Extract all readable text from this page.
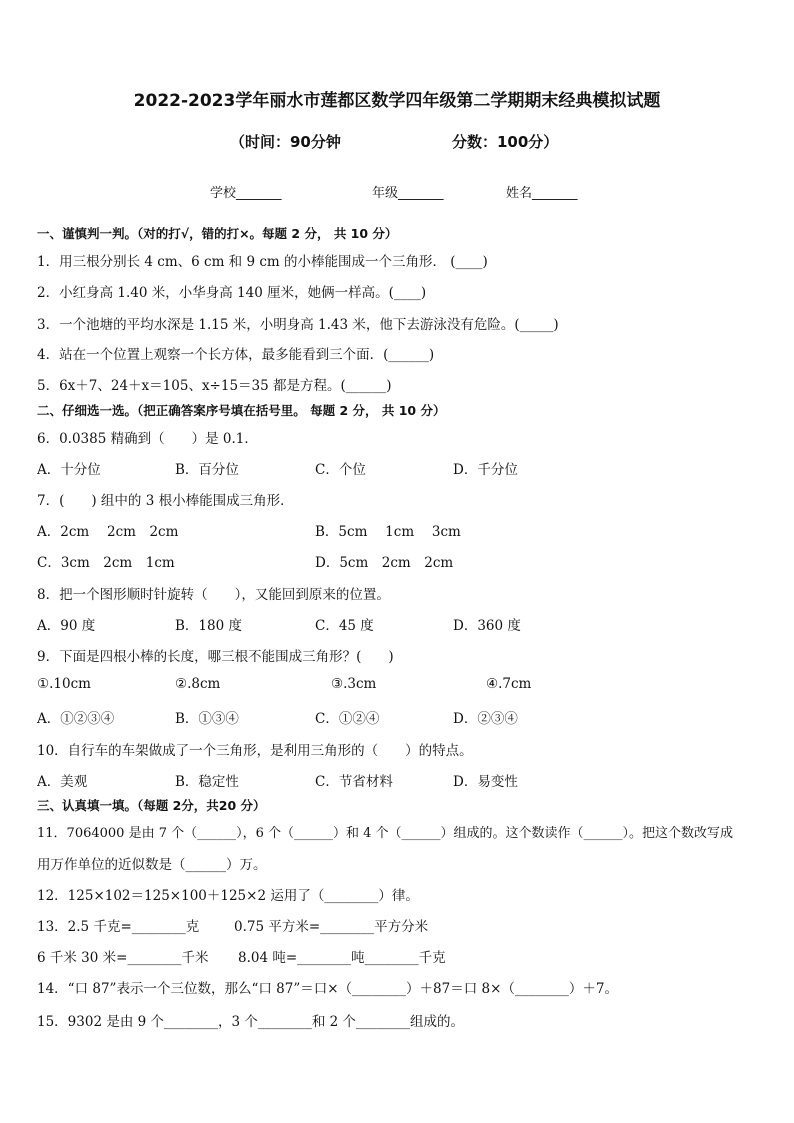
2022-2023学年丽水市莲都区数学四年级第二学期期末经典模拟试题
（时间：90分钟	分数：100分）
学校_______	年级_______	姓名_______
一、谨慎判一判。（对的打√，错的打×。每题 2 分， 共 10 分）
1．用三根分别长 4 cm、6 cm 和 9 cm 的小棒能围成一个三角形． (____)
2．小红身高 1.40 米，小华身高 140 厘米，她俩一样高。(____)
3．一个池塘的平均水深是 1.15 米，小明身高 1.43 米，他下去游泳没有危险。(_____)
4．站在一个位置上观察一个长方体，最多能看到三个面．(______)
5．6x＋7、24＋x＝105、x÷15＝35 都是方程。(______)
二、仔细选一选。（把正确答案序号填在括号里。 每题 2 分， 共 10 分）
6．0.0385 精确到（　　）是 0.1．
A．十分位	B．百分位	C．个位	D．千分位
7．(　　) 组中的 3 根小棒能围成三角形．
A．2cm　 2cm　2cm	B．5cm　 1cm　 3cm
C．3cm　2cm　1cm	D．5cm　2cm　2cm
8．把一个图形顺时针旋转（　　），又能回到原来的位置。
A．90 度	B．180 度	C．45 度	D．360 度
9．下面是四根小棒的长度，哪三根不能围成三角形？(　　)
①.10cm	②.8cm	③.3cm	④.7cm
A．①②③④	B．①③④	C．①②④	D．②③④
10．自行车的车架做成了一个三角形，是利用三角形的（　　）的特点。
A．美观	B．稳定性	C．节省材料	D．易变性
三、认真填一填。（每题 2分，共20 分）
11．7064000 是由 7 个（______），6 个（______）和 4 个（______）组成的。这个数读作（______）。把这个数改写成
用万作单位的近似数是（______）万。
12．125×102＝125×100＋125×2 运用了（________）律。
13．2.5 千克=________克	0.75 平方米=________平方分米
6 千米 30 米=________千米 8.04 吨=________吨________千克
14．“口 87”表示一个三位数，那么“口 87”＝口×（________）＋87＝口 8×（________）＋7。
15．9302 是由 9 个________，3 个________和 2 个________组成的。
